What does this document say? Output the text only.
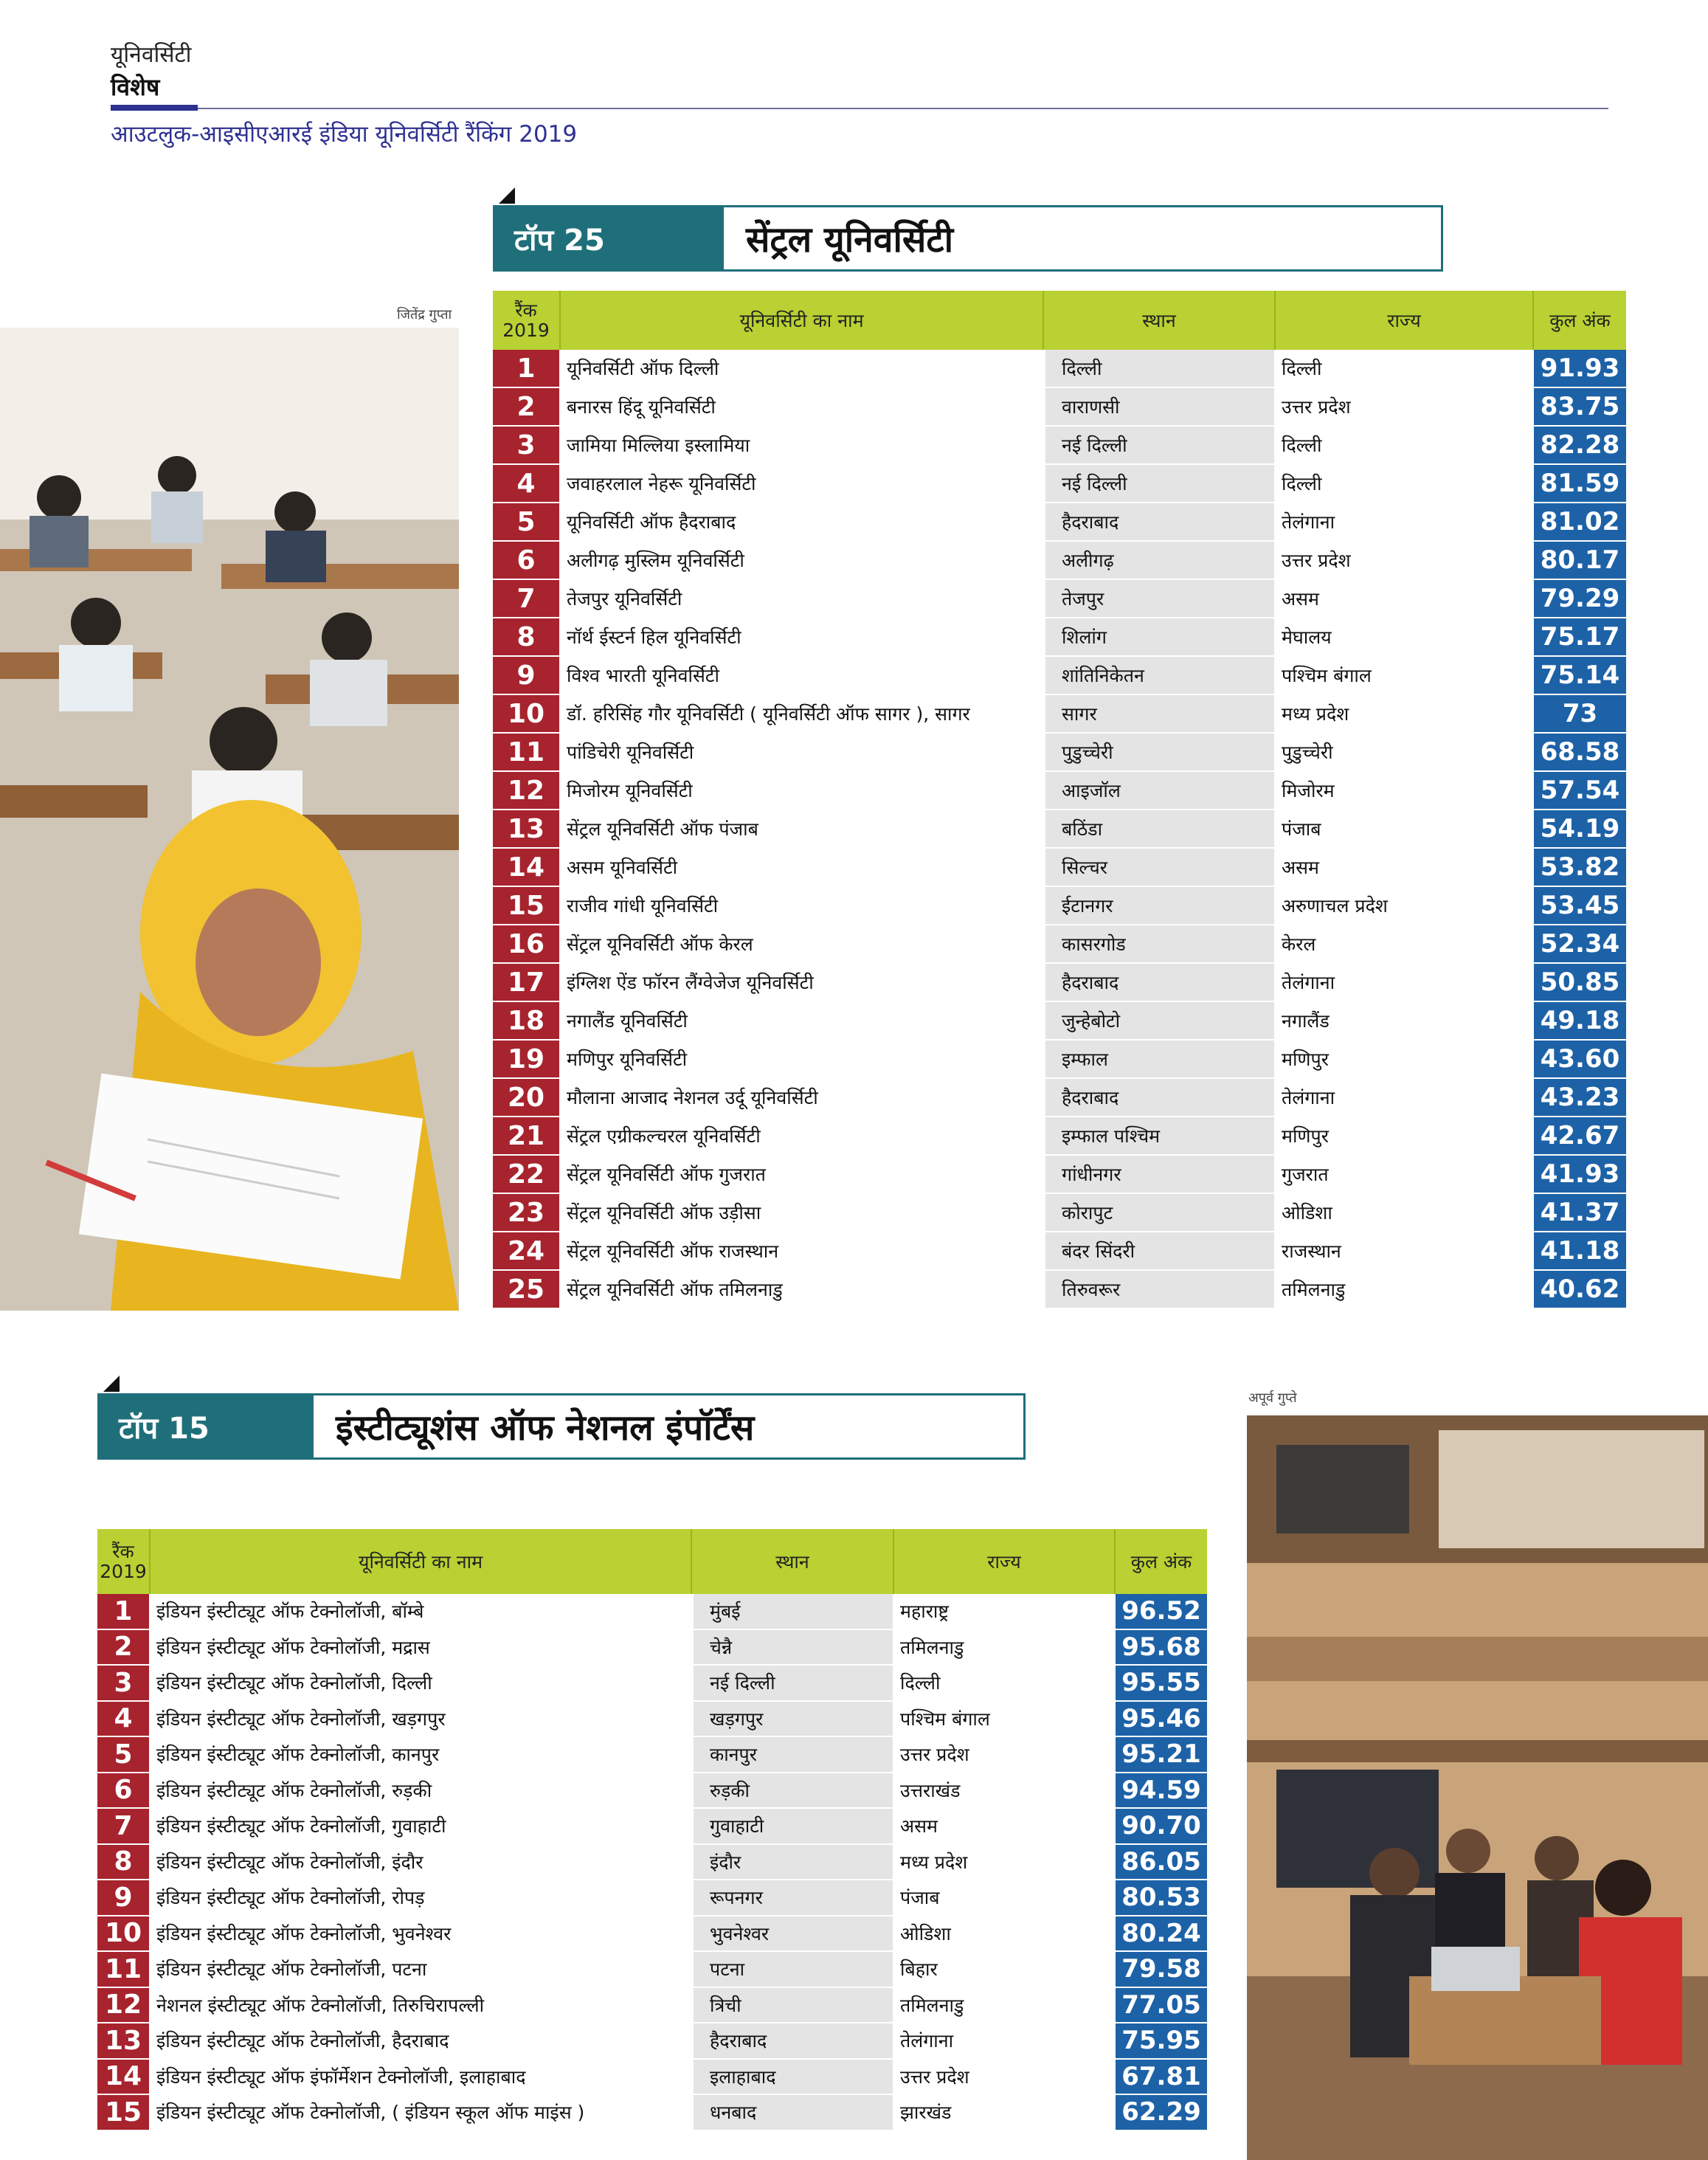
यूनिवर्सिटी
विशेष
आउटलुक-आइसीएआरई इंडिया यूनिवर्सिटी रैंकिंग 2019
जितेंद्र गुप्ता
टॉप 25	सेंट्रल यूनिवर्सिटी
रैंक 2019	यूनिवर्सिटी का नाम	स्थान	राज्य	कुल अंक
1	यूनिवर्सिटी ऑफ दिल्ली	दिल्ली	दिल्ली	91.93
2	बनारस हिंदू यूनिवर्सिटी	वाराणसी	उत्तर प्रदेश	83.75
3	जामिया मिल्लिया इस्लामिया	नई दिल्ली	दिल्ली	82.28
4	जवाहरलाल नेहरू यूनिवर्सिटी	नई दिल्ली	दिल्ली	81.59
5	यूनिवर्सिटी ऑफ हैदराबाद	हैदराबाद	तेलंगाना	81.02
6	अलीगढ़ मुस्लिम यूनिवर्सिटी	अलीगढ़	उत्तर प्रदेश	80.17
7	तेजपुर यूनिवर्सिटी	तेजपुर	असम	79.29
8	नॉर्थ ईस्टर्न हिल यूनिवर्सिटी	शिलांग	मेघालय	75.17
9	विश्व भारती यूनिवर्सिटी	शांतिनिकेतन	पश्चिम बंगाल	75.14
10	डॉ. हरिसिंह गौर यूनिवर्सिटी ( यूनिवर्सिटी ऑफ सागर ), सागर	सागर	मध्य प्रदेश	73
11	पांडिचेरी यूनिवर्सिटी	पुडुच्चेरी	पुडुच्चेरी	68.58
12	मिजोरम यूनिवर्सिटी	आइजॉल	मिजोरम	57.54
13	सेंट्रल यूनिवर्सिटी ऑफ पंजाब	बठिंडा	पंजाब	54.19
14	असम यूनिवर्सिटी	सिल्चर	असम	53.82
15	राजीव गांधी यूनिवर्सिटी	ईटानगर	अरुणाचल प्रदेश	53.45
16	सेंट्रल यूनिवर्सिटी ऑफ केरल	कासरगोड	केरल	52.34
17	इंग्लिश ऐंड फॉरन लैंग्वेजेज यूनिवर्सिटी	हैदराबाद	तेलंगाना	50.85
18	नगालैंड यूनिवर्सिटी	जुन्हेबोटो	नगालैंड	49.18
19	मणिपुर यूनिवर्सिटी	इम्फाल	मणिपुर	43.60
20	मौलाना आजाद नेशनल उर्दू यूनिवर्सिटी	हैदराबाद	तेलंगाना	43.23
21	सेंट्रल एग्रीकल्चरल यूनिवर्सिटी	इम्फाल पश्चिम	मणिपुर	42.67
22	सेंट्रल यूनिवर्सिटी ऑफ गुजरात	गांधीनगर	गुजरात	41.93
23	सेंट्रल यूनिवर्सिटी ऑफ उड़ीसा	कोरापुट	ओडिशा	41.37
24	सेंट्रल यूनिवर्सिटी ऑफ राजस्थान	बंदर सिंदरी	राजस्थान	41.18
25	सेंट्रल यूनिवर्सिटी ऑफ तमिलनाडु	तिरुवरूर	तमिलनाडु	40.62
टॉप 15	इंस्टीट्यूशंस ऑफ नेशनल इंपॉर्टेंस
रैंक 2019	यूनिवर्सिटी का नाम	स्थान	राज्य	कुल अंक
1	इंडियन इंस्टीट्यूट ऑफ टेक्नोलॉजी, बॉम्बे	मुंबई	महाराष्ट्र	96.52
2	इंडियन इंस्टीट्यूट ऑफ टेक्नोलॉजी, मद्रास	चेन्नै	तमिलनाडु	95.68
3	इंडियन इंस्टीट्यूट ऑफ टेक्नोलॉजी, दिल्ली	नई दिल्ली	दिल्ली	95.55
4	इंडियन इंस्टीट्यूट ऑफ टेक्नोलॉजी, खड़गपुर	खड़गपुर	पश्चिम बंगाल	95.46
5	इंडियन इंस्टीट्यूट ऑफ टेक्नोलॉजी, कानपुर	कानपुर	उत्तर प्रदेश	95.21
6	इंडियन इंस्टीट्यूट ऑफ टेक्नोलॉजी, रुड़की	रुड़की	उत्तराखंड	94.59
7	इंडियन इंस्टीट्यूट ऑफ टेक्नोलॉजी, गुवाहाटी	गुवाहाटी	असम	90.70
8	इंडियन इंस्टीट्यूट ऑफ टेक्नोलॉजी, इंदौर	इंदौर	मध्य प्रदेश	86.05
9	इंडियन इंस्टीट्यूट ऑफ टेक्नोलॉजी, रोपड़	रूपनगर	पंजाब	80.53
10 इंडियन इंस्टीट्यूट ऑफ टेक्नोलॉजी, भुवनेश्वर	भुवनेश्वर	ओडिशा	80.24
11 इंडियन इंस्टीट्यूट ऑफ टेक्नोलॉजी, पटना	पटना	बिहार	79.58
12 नेशनल इंस्टीट्यूट ऑफ टेक्नोलॉजी, तिरुचिरापल्ली	त्रिची	तमिलनाडु	77.05
13 इंडियन इंस्टीट्यूट ऑफ टेक्नोलॉजी, हैदराबाद	हैदराबाद	तेलंगाना	75.95
14 इंडियन इंस्टीट्यूट ऑफ इंफॉर्मेशन टेक्नोलॉजी, इलाहाबाद	इलाहाबाद	उत्तर प्रदेश	67.81
15 इंडियन इंस्टीट्यूट ऑफ टेक्नोलॉजी, ( इंडियन स्कूल ऑफ माइंस )	धनबाद	झारखंड	62.29
अपूर्व गुप्ते
